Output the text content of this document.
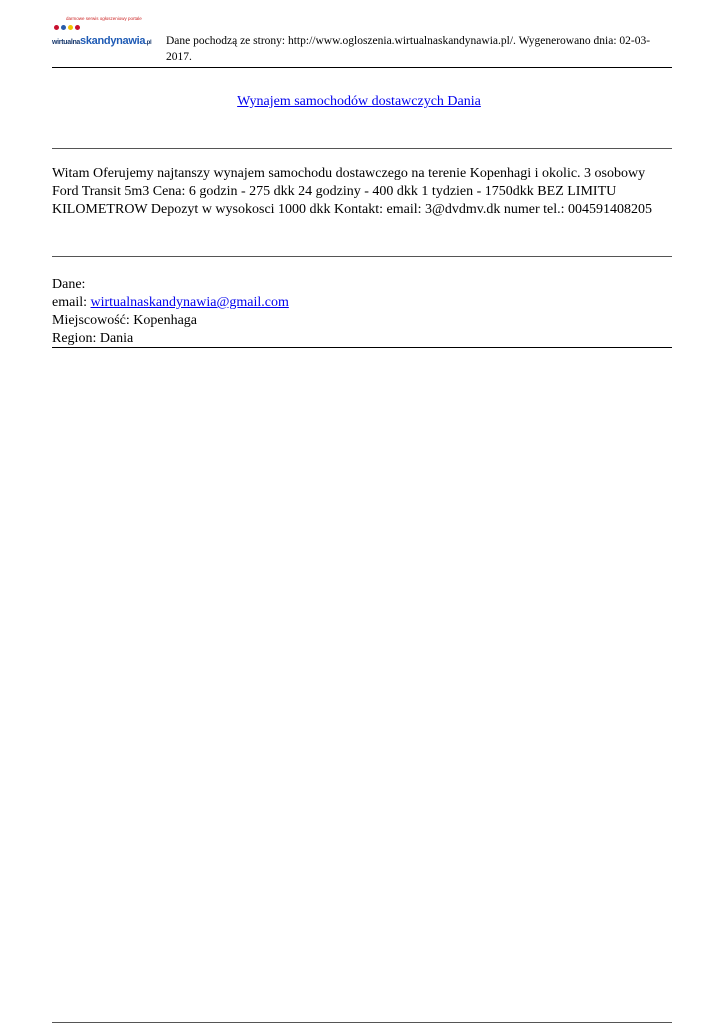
darmowe serwis ogłoszeniowy portale
wirtualnaskandynawia.pl Dane pochodzą ze strony: http://www.ogloszenia.wirtualnaskandynawia.pl/. Wygenerowano dnia: 02-03-2017.
Wynajem samochodów dostawczych Dania
Witam Oferujemy najtanszy wynajem samochodu dostawczego na terenie Kopenhagi i okolic. 3 osobowy Ford Transit 5m3 Cena: 6 godzin - 275 dkk 24 godziny - 400 dkk 1 tydzien - 1750dkk BEZ LIMITU KILOMETROW Depozyt w wysokosci 1000 dkk Kontakt: email: 3@dvdmv.dk numer tel.: 004591408205
Dane:
email: wirtualnaskandynawia@gmail.com
Miejscowość: Kopenhaga
Region: Dania
